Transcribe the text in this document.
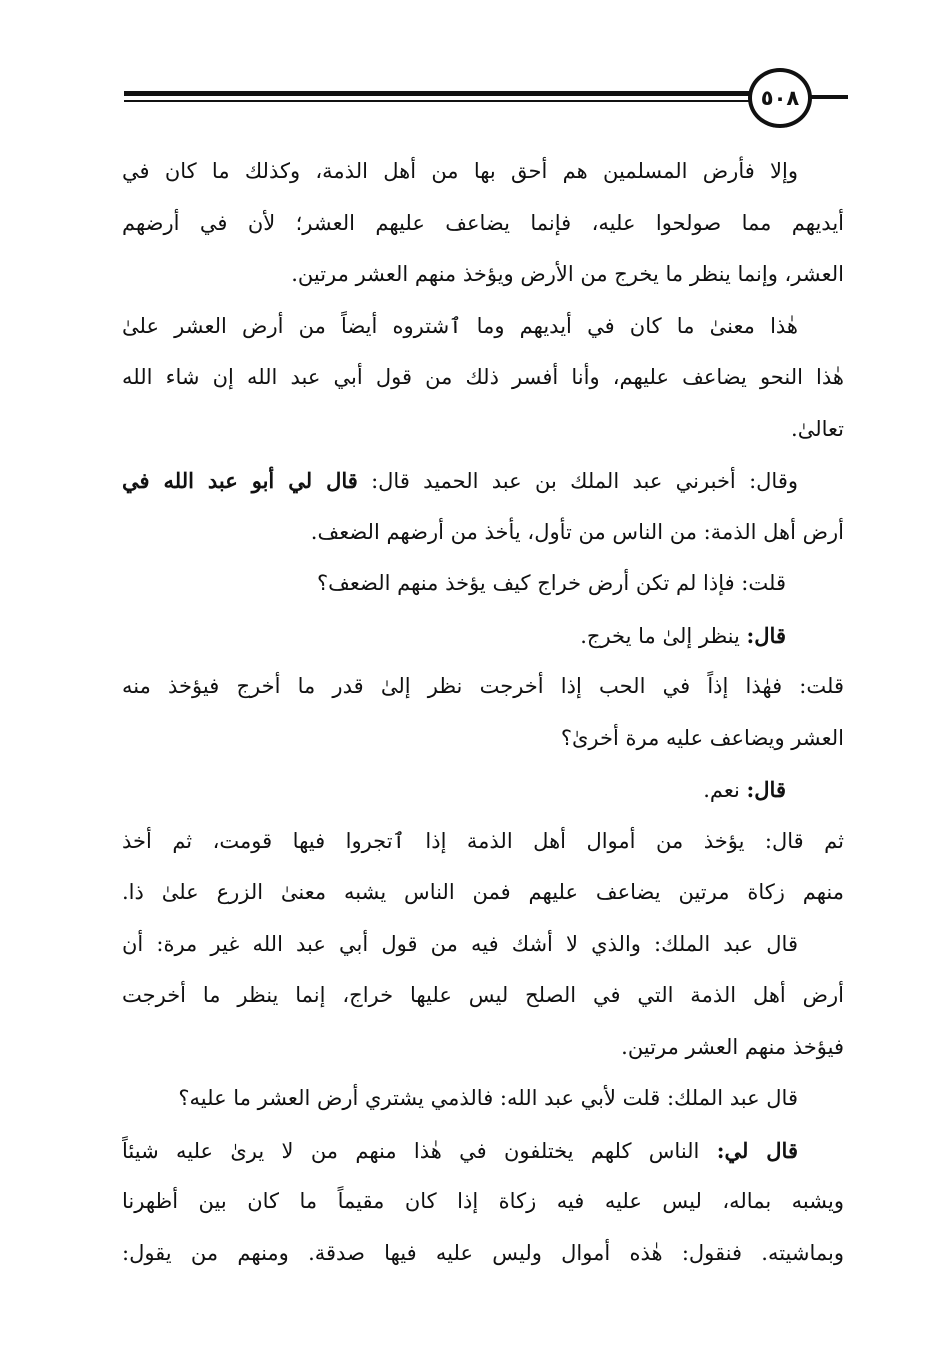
٥٠٨
وإلا فأرض المسلمين هم أحق بها من أهل الذمة، وكذلك ما كان في
أيديهم مما صولحوا عليه، فإنما يضاعف عليهم العشر؛ لأن في أرضهم
العشر، وإنما ينظر ما يخرج من الأرض ويؤخذ منهم العشر مرتين.
هٰذا معنىٰ ما كان في أيديهم وما ٱشتروه أيضاً من أرض العشر علىٰ
هٰذا النحو يضاعف عليهم، وأنا أفسر ذلك من قول أبي عبد الله إن شاء الله
تعالىٰ.
وقال: أخبرني عبد الملك بن عبد الحميد قال: قال لي أبو عبد الله في
أرض أهل الذمة: من الناس من تأول، يأخذ من أرضهم الضعف.
قلت: فإذا لم تكن أرض خراج كيف يؤخذ منهم الضعف؟
قال: ينظر إلىٰ ما يخرج.
قلت: فهٰذا إذاً في الحب إذا أخرجت نظر إلىٰ قدر ما أخرج فيؤخذ منه
العشر ويضاعف عليه مرة أخرىٰ؟
قال: نعم.
ثم قال: يؤخذ من أموال أهل الذمة إذا ٱتجروا فيها قومت، ثم أخذ
منهم زكاة مرتين يضاعف عليهم فمن الناس يشبه معنىٰ الزرع علىٰ ذا.
قال عبد الملك: والذي لا أشك فيه من قول أبي عبد الله غير مرة: أن
أرض أهل الذمة التي في الصلح ليس عليها خراج، إنما ينظر ما أخرجت
فيؤخذ منهم العشر مرتين.
قال عبد الملك: قلت لأبي عبد الله: فالذمي يشتري أرض العشر ما عليه؟
قال لي: الناس كلهم يختلفون في هٰذا منهم من لا يرىٰ عليه شيئاً
ويشبه بماله، ليس عليه فيه زكاة إذا كان مقيماً ما كان بين أظهرنا
وبماشيته. فنقول: هٰذه أموال وليس عليه فيها صدقة. ومنهم من يقول:
